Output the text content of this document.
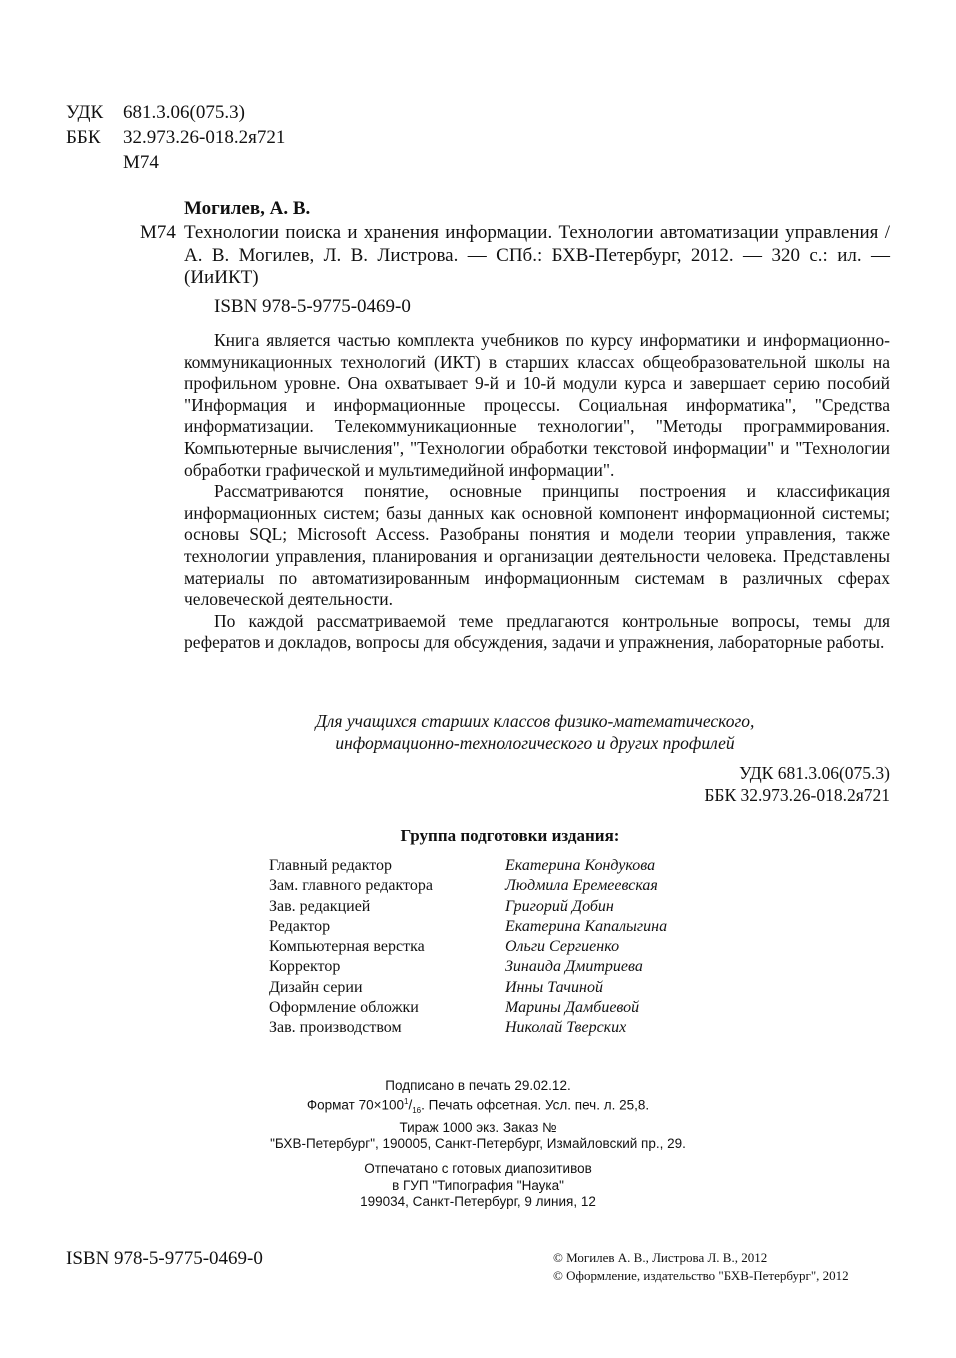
УДК	681.3.06(075.3)
ББК	32.973.26-018.2я721
М74
Могилев, А. В.
М74 Технологии поиска и хранения информации. Технологии автоматизации управления / А. В. Могилев, Л. В. Листрова. — СПб.: БХВ-Петербург, 2012. — 320 с.: ил. — (ИиИКТ)
ISBN 978-5-9775-0469-0

Книга является частью комплекта учебников по курсу информатики и информационно-коммуникационных технологий (ИКТ) в старших классах общеобразовательной школы на профильном уровне. Она охватывает 9-й и 10-й модули курса и завершает серию пособий "Информация и информационные процессы. Социальная информатика", "Средства информатизации. Телекоммуникационные технологии", "Методы программирования. Компьютерные вычисления", "Технологии обработки текстовой информации" и "Технологии обработки графической и мультимедийной информации".

Рассматриваются понятие, основные принципы построения и классификация информационных систем; базы данных как основной компонент информационной системы; основы SQL; Microsoft Access. Разобраны понятия и модели теории управления, также технологии управления, планирования и организации деятельности человека. Представлены материалы по автоматизированным информационным системам в различных сферах человеческой деятельности.

По каждой рассматриваемой теме предлагаются контрольные вопросы, темы для рефератов и докладов, вопросы для обсуждения, задачи и упражнения, лабораторные работы.

Для учащихся старших классов физико-математического,
информационно-технологического и других профилей
УДК 681.3.06(075.3)
ББК 32.973.26-018.2я721
Группа подготовки издания:
Главный редактор	Екатерина Кондукова
Зам. главного редактора	Людмила Еремеевская
Зав. редакцией	Григорий Добин
Редактор	Екатерина Капалыгина
Компьютерная верстка	Ольги Сергиенко
Корректор	Зинаида Дмитриева
Дизайн серии	Инны Тачиной
Оформление обложки	Марины Дамбиевой
Зав. производством	Николай Тверских
Подписано в печать 29.02.12.
Формат $70\times 100^1/_{16}$. Печать офсетная. Усл. печ. л. 25,8.
Тираж 1000 экз. Заказ №
"БХВ-Петербург", 190005, Санкт-Петербург, Измайловский пр., 29.
Отпечатано с готовых диапозитивов
в ГУП "Типография "Наука"
199034, Санкт-Петербург, 9 линия, 12
ISBN 978-5-9775-0469-0	© Могилев А. В., Листрова Л. В., 2012
© Оформление, издательство "БХВ-Петербург", 2012
